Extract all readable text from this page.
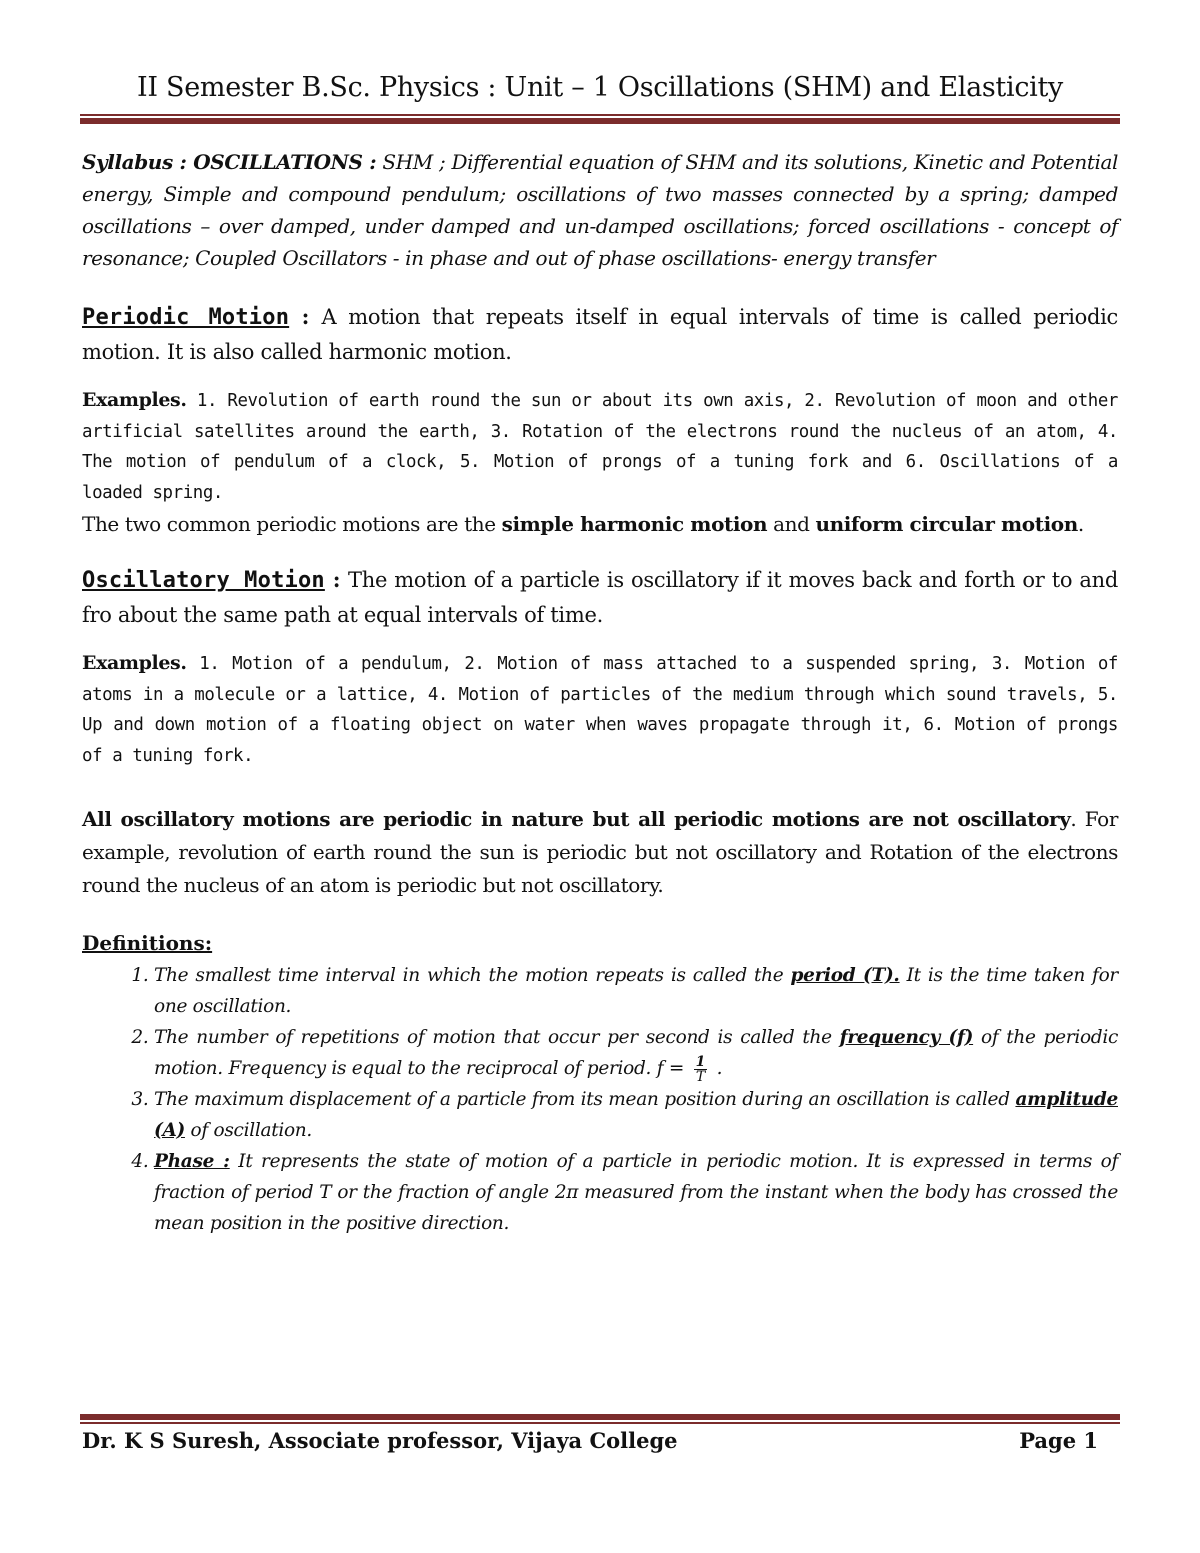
II Semester B.Sc. Physics : Unit – 1 Oscillations (SHM) and Elasticity

Syllabus : OSCILLATIONS : SHM ; Differential equation of SHM and its solutions, Kinetic and Potential energy, Simple and compound pendulum; oscillations of two masses connected by a spring; damped oscillations – over damped, under damped and un-damped oscillations; forced oscillations - concept of resonance; Coupled Oscillators - in phase and out of phase oscillations- energy transfer

Periodic Motion : A motion that repeats itself in equal intervals of time is called periodic motion. It is also called harmonic motion.

Examples. 1. Revolution of earth round the sun or about its own axis, 2. Revolution of moon and other artificial satellites around the earth, 3. Rotation of the electrons round the nucleus of an atom, 4. The motion of pendulum of a clock, 5. Motion of prongs of a tuning fork and 6. Oscillations of a loaded spring.

The two common periodic motions are the simple harmonic motion and uniform circular motion.

Oscillatory Motion : The motion of a particle is oscillatory if it moves back and forth or to and fro about the same path at equal intervals of time.

Examples. 1. Motion of a pendulum, 2. Motion of mass attached to a suspended spring, 3. Motion of atoms in a molecule or a lattice, 4. Motion of particles of the medium through which sound travels, 5. Up and down motion of a floating object on water when waves propagate through it, 6. Motion of prongs of a tuning fork.

All oscillatory motions are periodic in nature but all periodic motions are not oscillatory. For example, revolution of earth round the sun is periodic but not oscillatory and Rotation of the electrons round the nucleus of an atom is periodic but not oscillatory.

Definitions:
1. The smallest time interval in which the motion repeats is called the period (T). It is the time taken for one oscillation.
2. The number of repetitions of motion that occur per second is called the frequency (f) of the periodic motion. Frequency is equal to the reciprocal of period. $f = \frac{1}{T}$ .
3. The maximum displacement of a particle from its mean position during an oscillation is called amplitude (A) of oscillation.
4. Phase : It represents the state of motion of a particle in periodic motion. It is expressed in terms of fraction of period T or the fraction of angle 2π measured from the instant when the body has crossed the mean position in the positive direction.
Dr. K S Suresh, Associate professor, Vijaya College	Page 1
